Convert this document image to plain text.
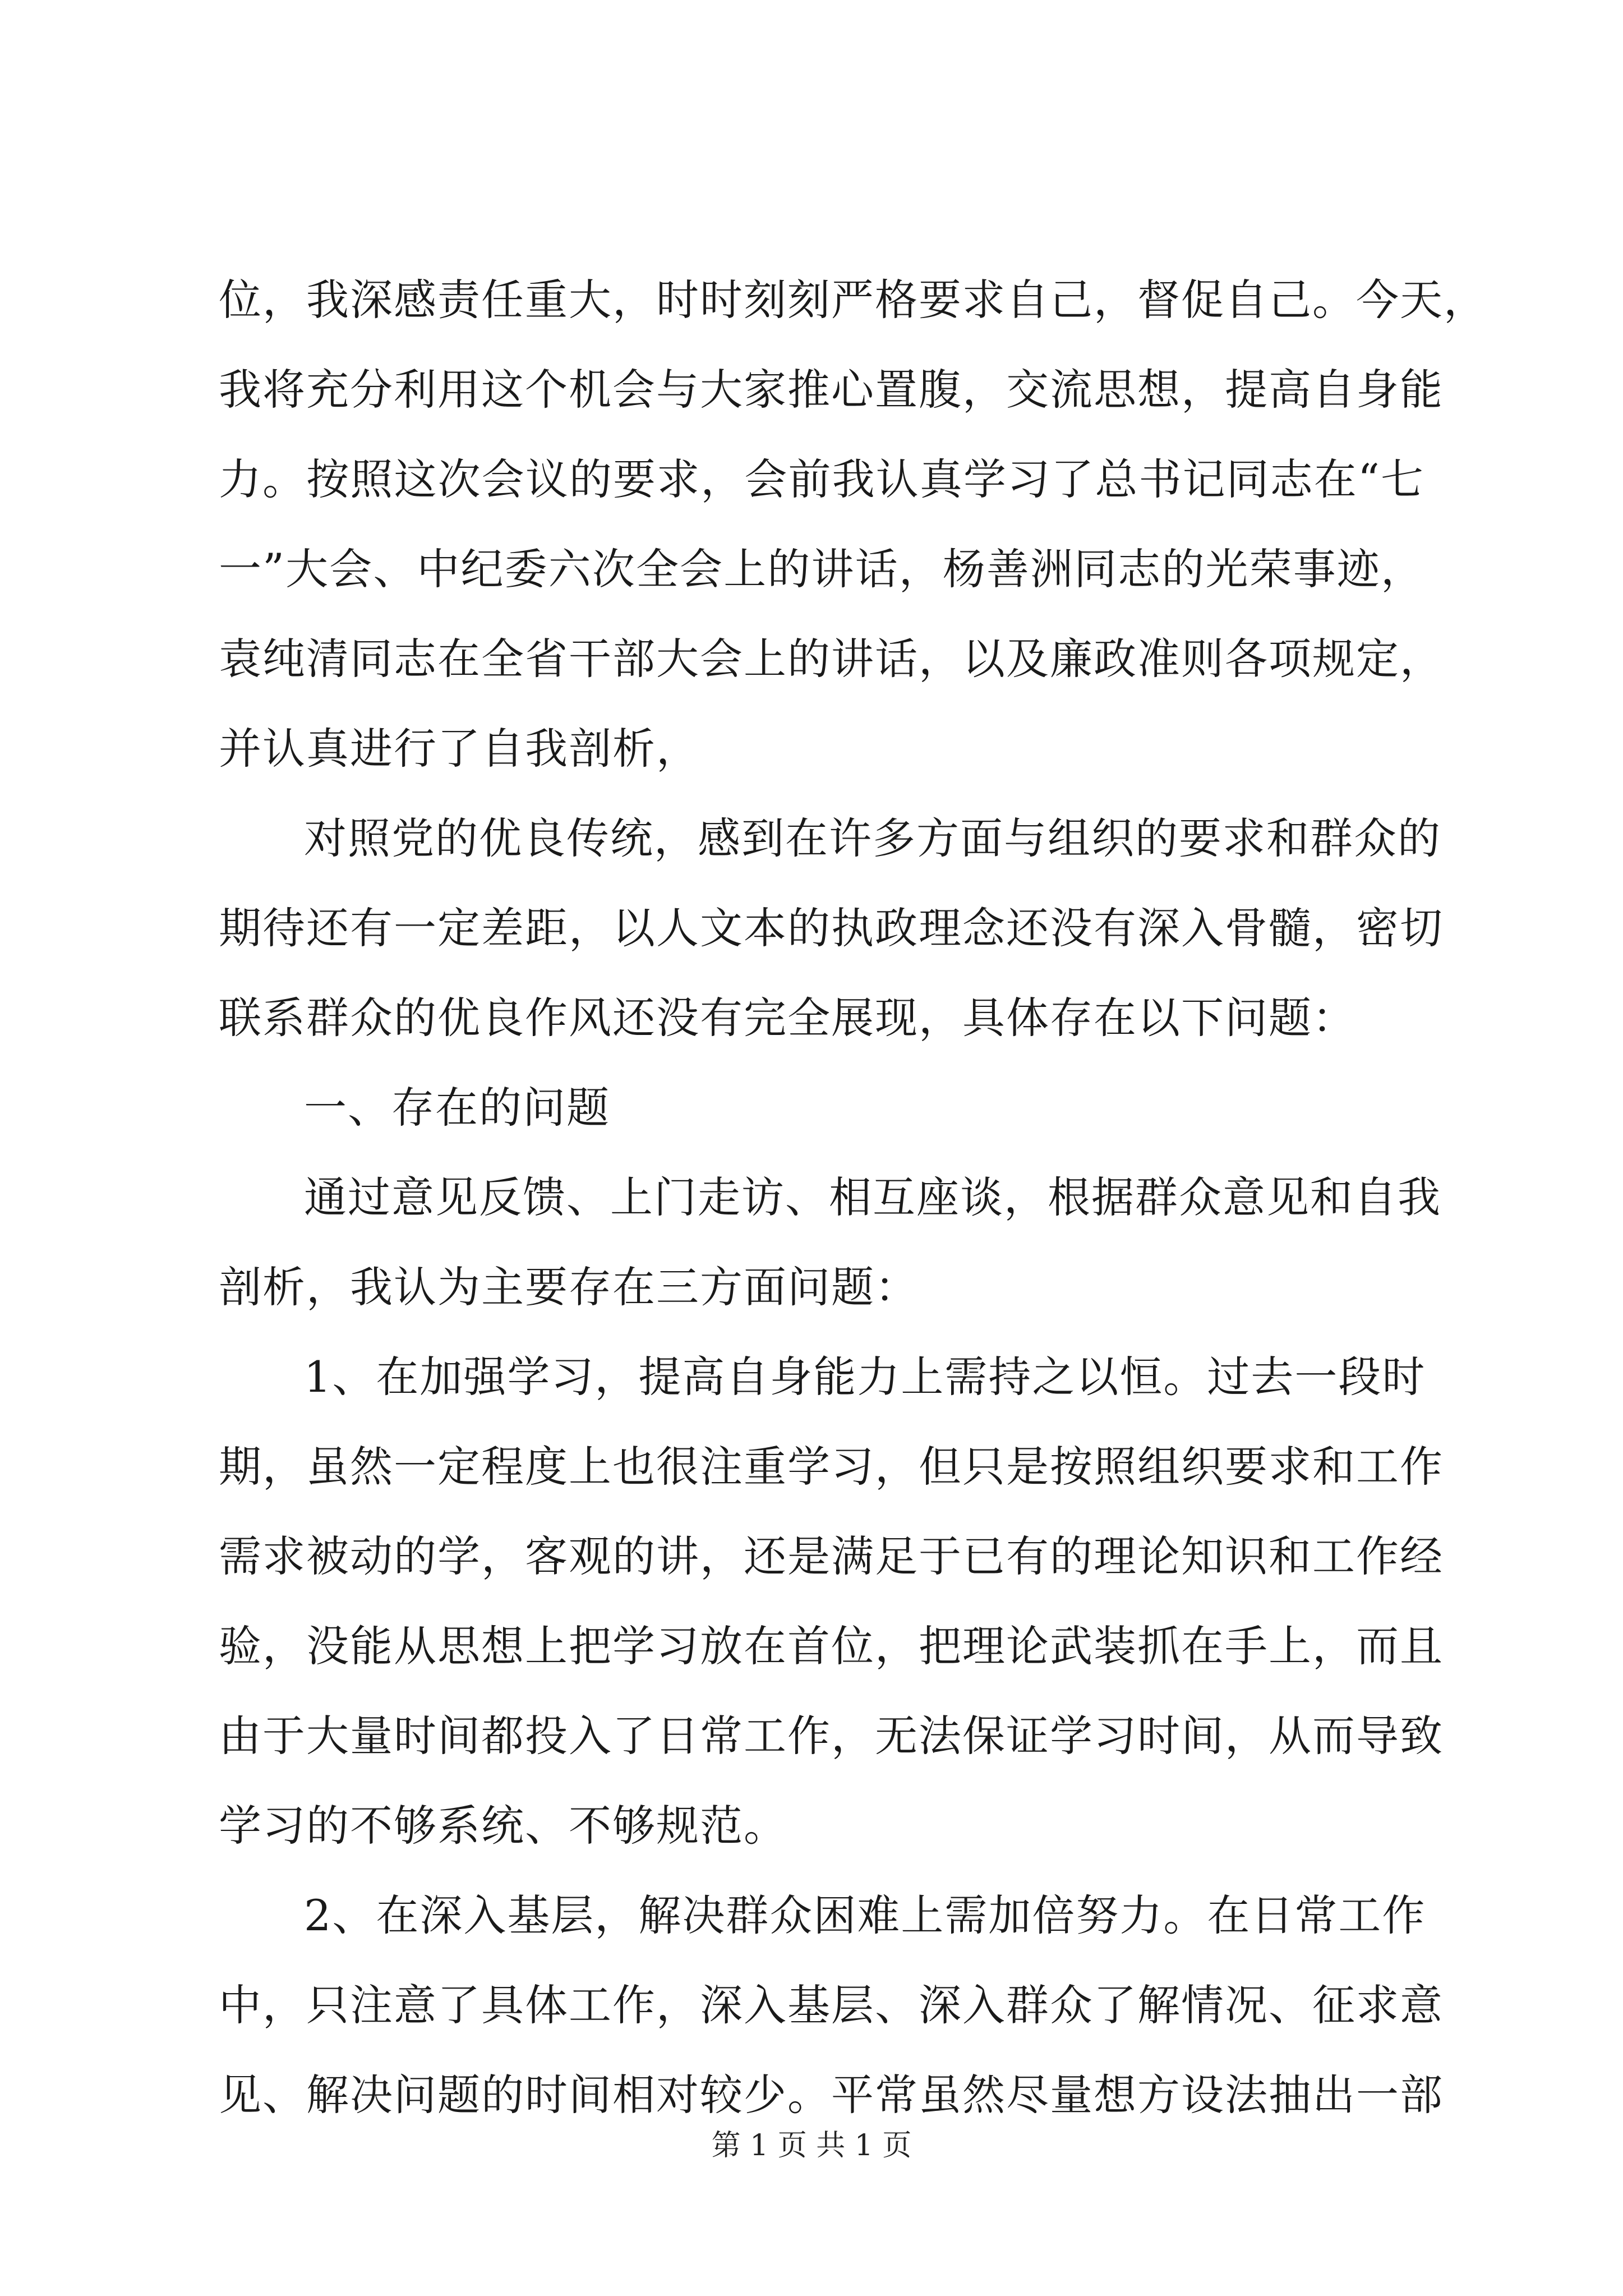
位，我深感责任重大，时时刻刻严格要求自己，督促自己。今天，
我将充分利用这个机会与大家推心置腹，交流思想，提高自身能
力。按照这次会议的要求，会前我认真学习了总书记同志在“七
一”大会、中纪委六次全会上的讲话，杨善洲同志的光荣事迹，
袁纯清同志在全省干部大会上的讲话，以及廉政准则各项规定，
并认真进行了自我剖析，
对照党的优良传统，感到在许多方面与组织的要求和群众的
期待还有一定差距，以人文本的执政理念还没有深入骨髓，密切
联系群众的优良作风还没有完全展现，具体存在以下问题：
一、存在的问题
通过意见反馈、上门走访、相互座谈，根据群众意见和自我
剖析，我认为主要存在三方面问题：
1、在加强学习，提高自身能力上需持之以恒。过去一段时
期，虽然一定程度上也很注重学习，但只是按照组织要求和工作
需求被动的学，客观的讲，还是满足于已有的理论知识和工作经
验，没能从思想上把学习放在首位，把理论武装抓在手上，而且
由于大量时间都投入了日常工作，无法保证学习时间，从而导致
学习的不够系统、不够规范。
2、在深入基层，解决群众困难上需加倍努力。在日常工作
中，只注意了具体工作，深入基层、深入群众了解情况、征求意
见、解决问题的时间相对较少。平常虽然尽量想方设法抽出一部
第 1 页 共 1 页
